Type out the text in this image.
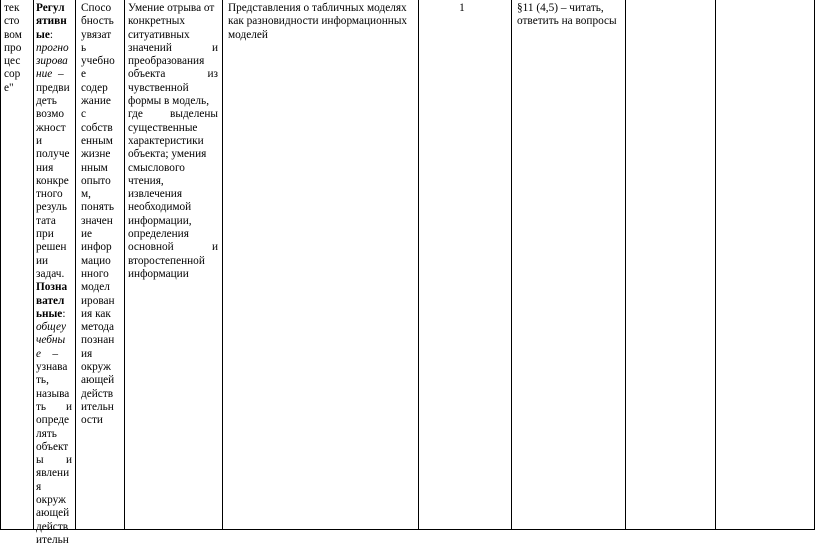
тек
сто
вом
про
цес
сор
е"
Регул
ятивн
ые:
прогно
зирова
ние –
предви
деть
возмо
жност
и
получе
ния
конкре
тного
резуль
тата
при
решен
ии
задач.
Позна
вател
ьные:
общеу
чебны
е –
узнава
ть,
называ
ть и
опреде
лять
объект
ы и
явлени
я
окруж
ающей
действ
ительн
Спосо
бность
увязат
ь
учебно
е
содер
жание
с
собств
енным
жизне
нным
опыто
м,
понять
значен
ие
инфор
мацио
нного
модел
ирован
ия как
метода
познан
ия
окруж
ающей
действ
ительн
ости
Умение отрыва от
конкретных
ситуативных
значений	и
преобразования
объекта	из
чувственной
формы в модель,
где выделены
существенные
характеристики
объекта; умения
смыслового
чтения,
извлечения
необходимой
информации,
определения
основной	и
второстепенной
информации
Представления о табличных моделях
как разновидности информационных
моделей
1	§11 (4,5) – читать,
ответить на вопросы
